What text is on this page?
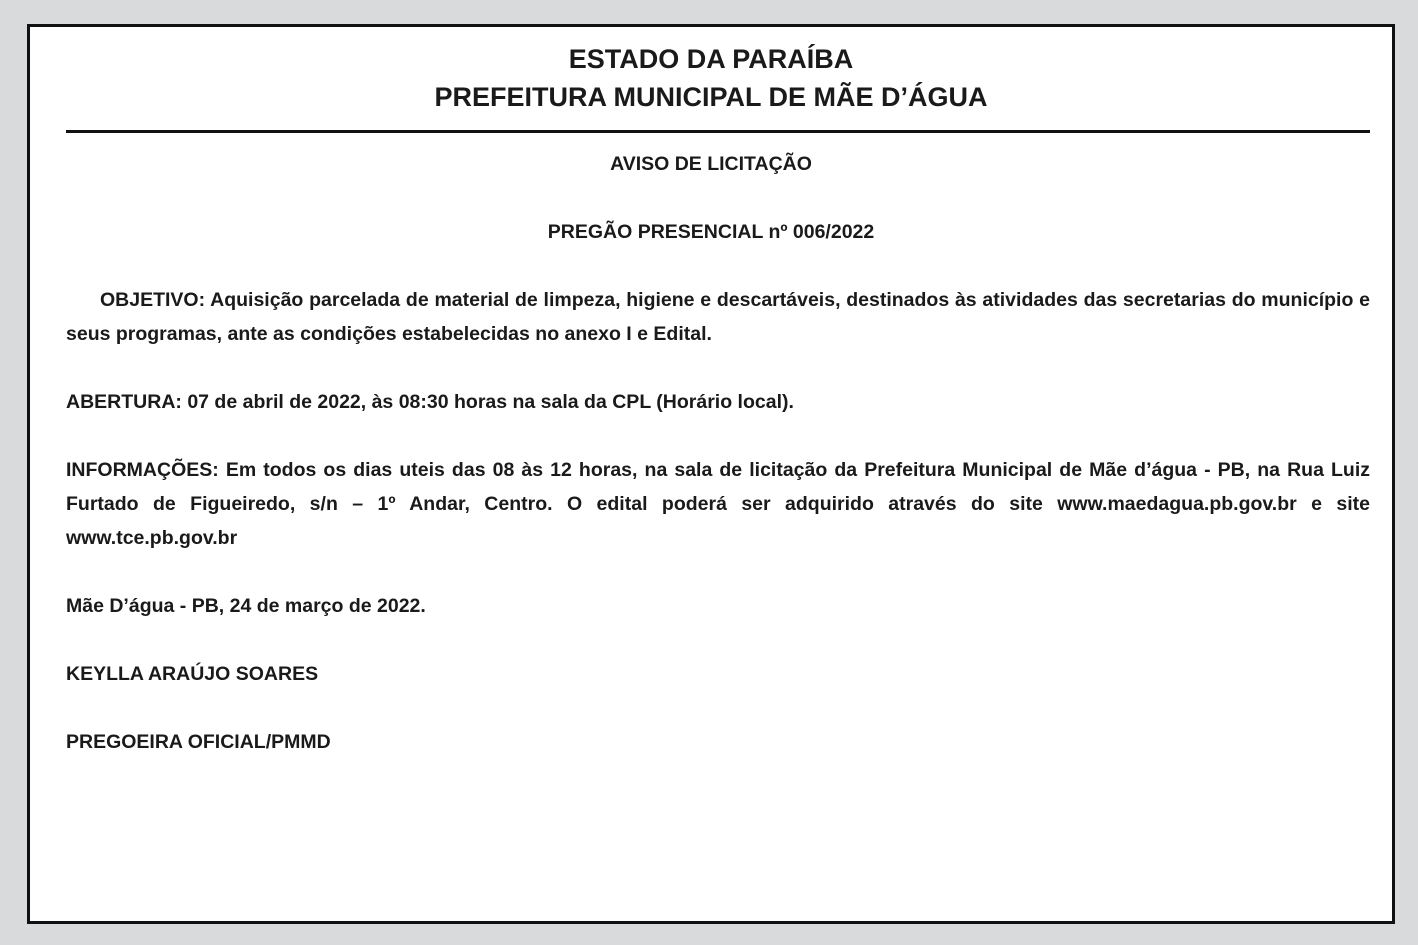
ESTADO DA PARAÍBA
PREFEITURA MUNICIPAL DE MÃE D’ÁGUA
AVISO DE LICITAÇÃO
PREGÃO PRESENCIAL nº 006/2022

OBJETIVO: Aquisição parcelada de material de limpeza, higiene e descartáveis, destinados às atividades das secretarias do município e seus programas, ante as condições estabelecidas no anexo I e Edital.

ABERTURA: 07 de abril de 2022, às 08:30 horas na sala da CPL (Horário local).

INFORMAÇÕES: Em todos os dias uteis das 08 às 12 horas, na sala de licitação da Prefeitura Municipal de Mãe d’água - PB, na Rua Luiz Furtado de Figueiredo, s/n – 1º Andar, Centro. O edital poderá ser adquirido através do site www.maedagua.pb.gov.br e site www.tce.pb.gov.br

Mãe D’água - PB, 24 de março de 2022.

KEYLLA ARAÚJO SOARES

PREGOEIRA OFICIAL/PMMD
